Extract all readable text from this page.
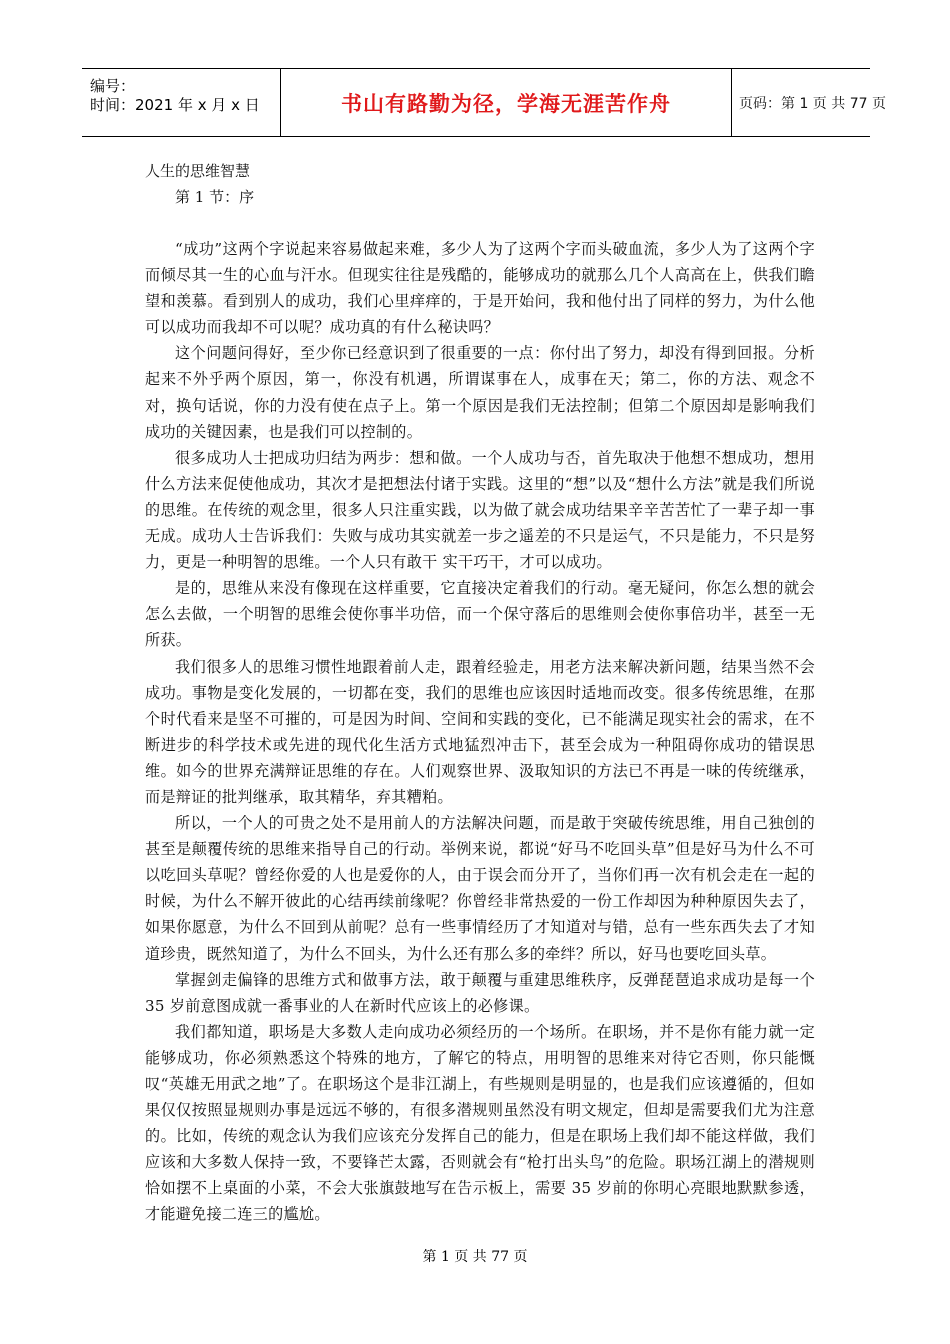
编号：
时间：2021 年 x 月 x 日	书山有路勤为径，学海无涯苦作舟	页码：第 1 页 共 77 页
人生的思维智慧
第 1 节：序

“成功”这两个字说起来容易做起来难，多少人为了这两个字而头破血流，多少人为了这两个字而倾尽其一生的心血与汗水。但现实往往是残酷的，能够成功的就那么几个人高高在上，供我们瞻望和羡慕。看到别人的成功，我们心里痒痒的，于是开始问，我和他付出了同样的努力，为什么他可以成功而我却不可以呢？成功真的有什么秘诀吗？

这个问题问得好，至少你已经意识到了很重要的一点：你付出了努力，却没有得到回报。分析起来不外乎两个原因，第一，你没有机遇，所谓谋事在人，成事在天；第二，你的方法、观念不对，换句话说，你的力没有使在点子上。第一个原因是我们无法控制；但第二个原因却是影响我们成功的关键因素，也是我们可以控制的。

很多成功人士把成功归结为两步：想和做。一个人成功与否，首先取决于他想不想成功，想用什么方法来促使他成功，其次才是把想法付诸于实践。这里的“想”以及“想什么方法”就是我们所说的思维。在传统的观念里，很多人只注重实践，以为做了就会成功结果辛辛苦苦忙了一辈子却一事无成。成功人士告诉我们：失败与成功其实就差一步之遥差的不只是运气，不只是能力，不只是努力，更是一种明智的思维。一个人只有敢干 实干巧干，才可以成功。

是的，思维从来没有像现在这样重要，它直接决定着我们的行动。毫无疑问，你怎么想的就会怎么去做，一个明智的思维会使你事半功倍，而一个保守落后的思维则会使你事倍功半，甚至一无所获。

我们很多人的思维习惯性地跟着前人走，跟着经验走，用老方法来解决新问题，结果当然不会成功。事物是变化发展的，一切都在变，我们的思维也应该因时适地而改变。很多传统思维，在那个时代看来是坚不可摧的，可是因为时间、空间和实践的变化，已不能满足现实社会的需求，在不断进步的科学技术或先进的现代化生活方式地猛烈冲击下，甚至会成为一种阻碍你成功的错误思维。如今的世界充满辩证思维的存在。人们观察世界、汲取知识的方法已不再是一味的传统继承，而是辩证的批判继承，取其精华，弃其糟粕。

所以，一个人的可贵之处不是用前人的方法解决问题，而是敢于突破传统思维，用自己独创的甚至是颠覆传统的思维来指导自己的行动。举例来说，都说“好马不吃回头草”但是好马为什么不可以吃回头草呢？曾经你爱的人也是爱你的人，由于误会而分开了，当你们再一次有机会走在一起的时候，为什么不解开彼此的心结再续前缘呢？你曾经非常热爱的一份工作却因为种种原因失去了，如果你愿意，为什么不回到从前呢？总有一些事情经历了才知道对与错，总有一些东西失去了才知道珍贵，既然知道了，为什么不回头，为什么还有那么多的牵绊？所以，好马也要吃回头草。

掌握剑走偏锋的思维方式和做事方法，敢于颠覆与重建思维秩序，反弹琵琶追求成功是每一个 35 岁前意图成就一番事业的人在新时代应该上的必修课。

我们都知道，职场是大多数人走向成功必须经历的一个场所。在职场，并不是你有能力就一定能够成功，你必须熟悉这个特殊的地方，了解它的特点，用明智的思维来对待它否则，你只能慨叹“英雄无用武之地”了。在职场这个是非江湖上，有些规则是明显的，也是我们应该遵循的，但如果仅仅按照显规则办事是远远不够的，有很多潜规则虽然没有明文规定，但却是需要我们尤为注意的。比如，传统的观念认为我们应该充分发挥自己的能力，但是在职场上我们却不能这样做，我们应该和大多数人保持一致，不要锋芒太露，否则就会有“枪打出头鸟”的危险。职场江湖上的潜规则恰如摆不上桌面的小菜，不会大张旗鼓地写在告示板上，需要 35 岁前的你明心亮眼地默默参透，才能避免接二连三的尴尬。

第 1 页 共 77 页
